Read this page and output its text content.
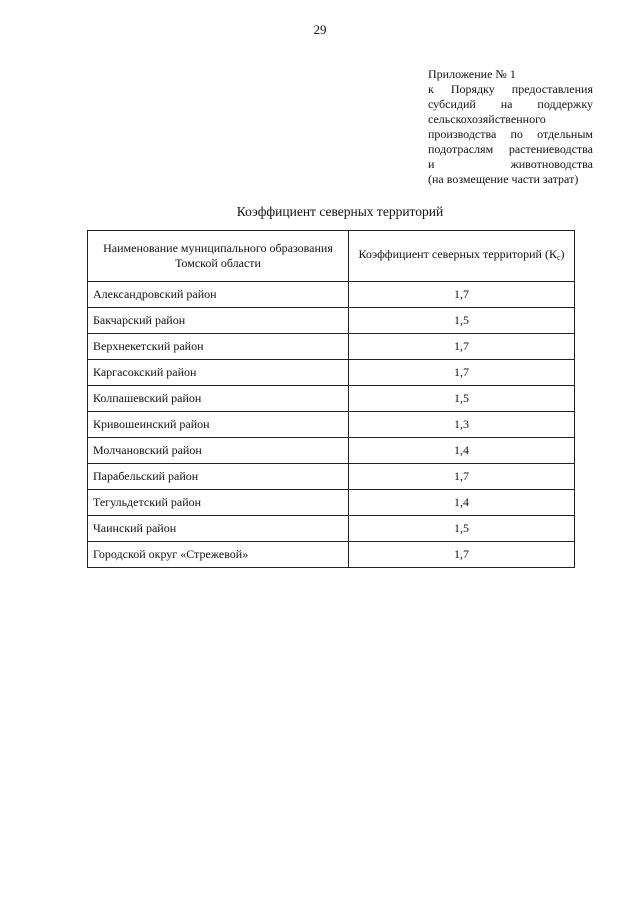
29
Приложение № 1
к Порядку предоставления
субсидий на поддержку
сельскохозяйственного
производства по отдельным
подотраслям растениеводства
и животноводства
(на возмещение части затрат)
Коэффициент северных территорий
Наименование муниципального образования Томской области	Коэффициент северных территорий $(К_с)$
Александровский район	1,7
Бакчарский район	1,5
Верхнекетский район	1,7
Каргасокский район	1,7
Колпашевский район	1,5
Кривошеинский район	1,3
Молчановский район	1,4
Парабельский район	1,7
Тегульдетский район	1,4
Чаинский район	1,5
Городской округ «Стрежевой»	1,7
